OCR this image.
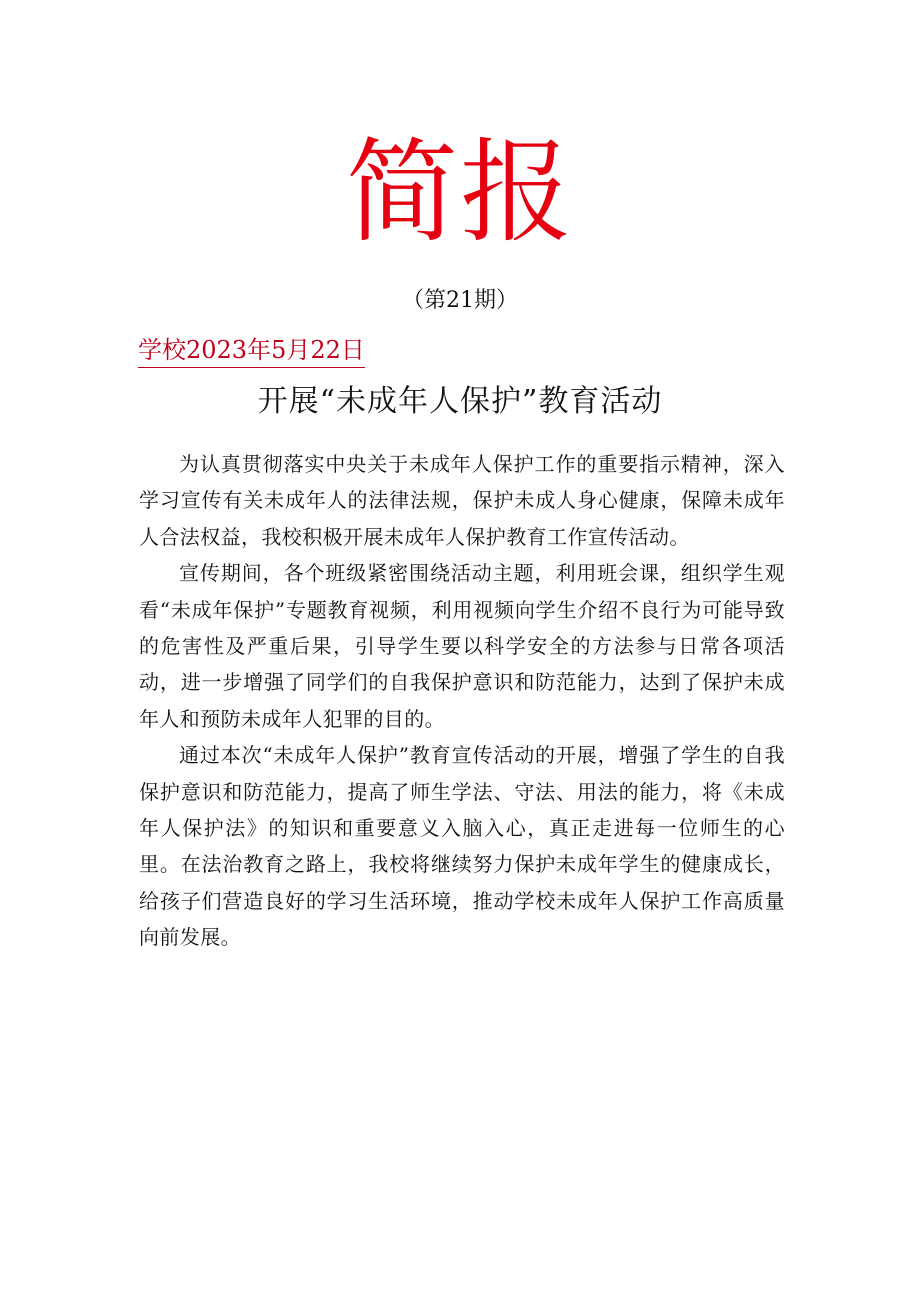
简报
（第21期）
学校2023年5月22日
开展“未成年人保护”教育活动

为认真贯彻落实中央关于未成年人保护工作的重要指示精神，深入学习宣传有关未成年人的法律法规，保护未成人身心健康，保障未成年人合法权益，我校积极开展未成年人保护教育工作宣传活动。

宣传期间，各个班级紧密围绕活动主题，利用班会课，组织学生观看“未成年保护”专题教育视频，利用视频向学生介绍不良行为可能导致的危害性及严重后果，引导学生要以科学安全的方法参与日常各项活动，进一步增强了同学们的自我保护意识和防范能力，达到了保护未成年人和预防未成年人犯罪的目的。

通过本次“未成年人保护”教育宣传活动的开展，增强了学生的自我保护意识和防范能力，提高了师生学法、守法、用法的能力，将《未成年人保护法》的知识和重要意义入脑入心，真正走进每一位师生的心里。在法治教育之路上，我校将继续努力保护未成年学生的健康成长，给孩子们营造良好的学习生活环境，推动学校未成年人保护工作高质量向前发展。
